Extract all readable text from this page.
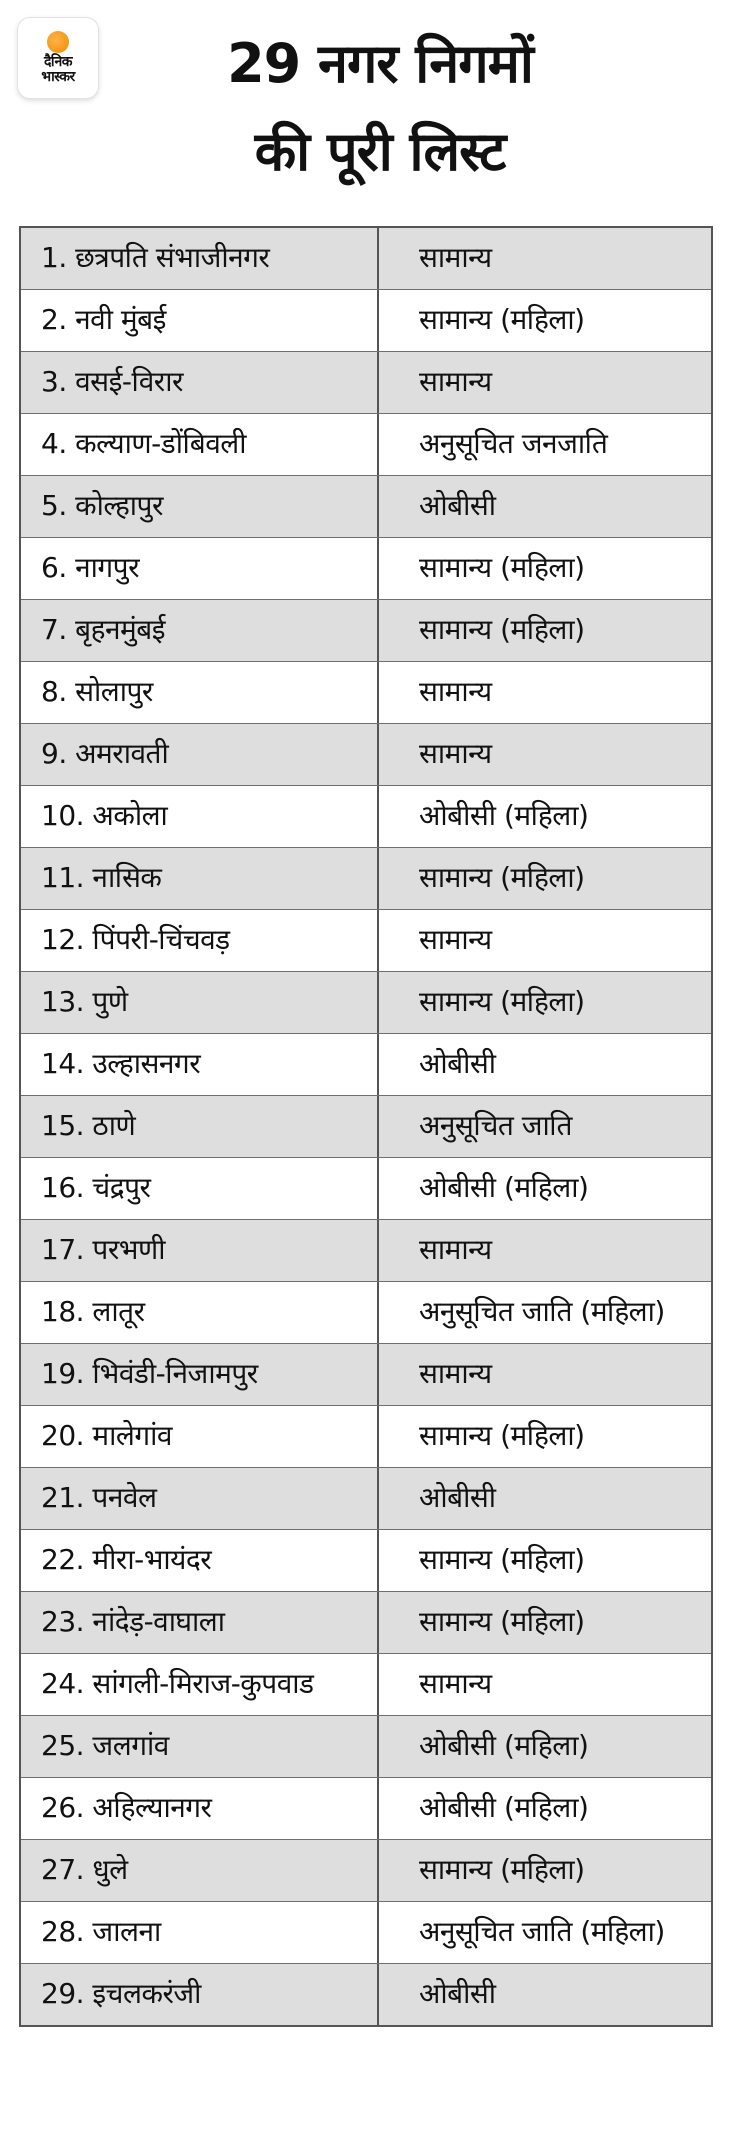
दैनिक
भास्कर	29 नगर निगमों
की पूरी लिस्ट
1. छत्रपति संभाजीनगर	सामान्य
2. नवी मुंबई	सामान्य (महिला)
3. वसई-विरार	सामान्य
4. कल्याण-डोंबिवली	अनुसूचित जनजाति
5. कोल्हापुर	ओबीसी
6. नागपुर	सामान्य (महिला)
7. बृहनमुंबई	सामान्य (महिला)
8. सोलापुर	सामान्य
9. अमरावती	सामान्य
10. अकोला	ओबीसी (महिला)
11. नासिक	सामान्य (महिला)
12. पिंपरी-चिंचवड़	सामान्य
13. पुणे	सामान्य (महिला)
14. उल्हासनगर	ओबीसी
15. ठाणे	अनुसूचित जाति
16. चंद्रपुर	ओबीसी (महिला)
17. परभणी	सामान्य
18. लातूर	अनुसूचित जाति (महिला)
19. भिवंडी-निजामपुर	सामान्य
20. मालेगांव	सामान्य (महिला)
21. पनवेल	ओबीसी
22. मीरा-भायंदर	सामान्य (महिला)
23. नांदेड़-वाघाला	सामान्य (महिला)
24. सांगली-मिराज-कुपवाड	सामान्य
25. जलगांव	ओबीसी (महिला)
26. अहिल्यानगर	ओबीसी (महिला)
27. धुले	सामान्य (महिला)
28. जालना	अनुसूचित जाति (महिला)
29. इचलकरंजी	ओबीसी
